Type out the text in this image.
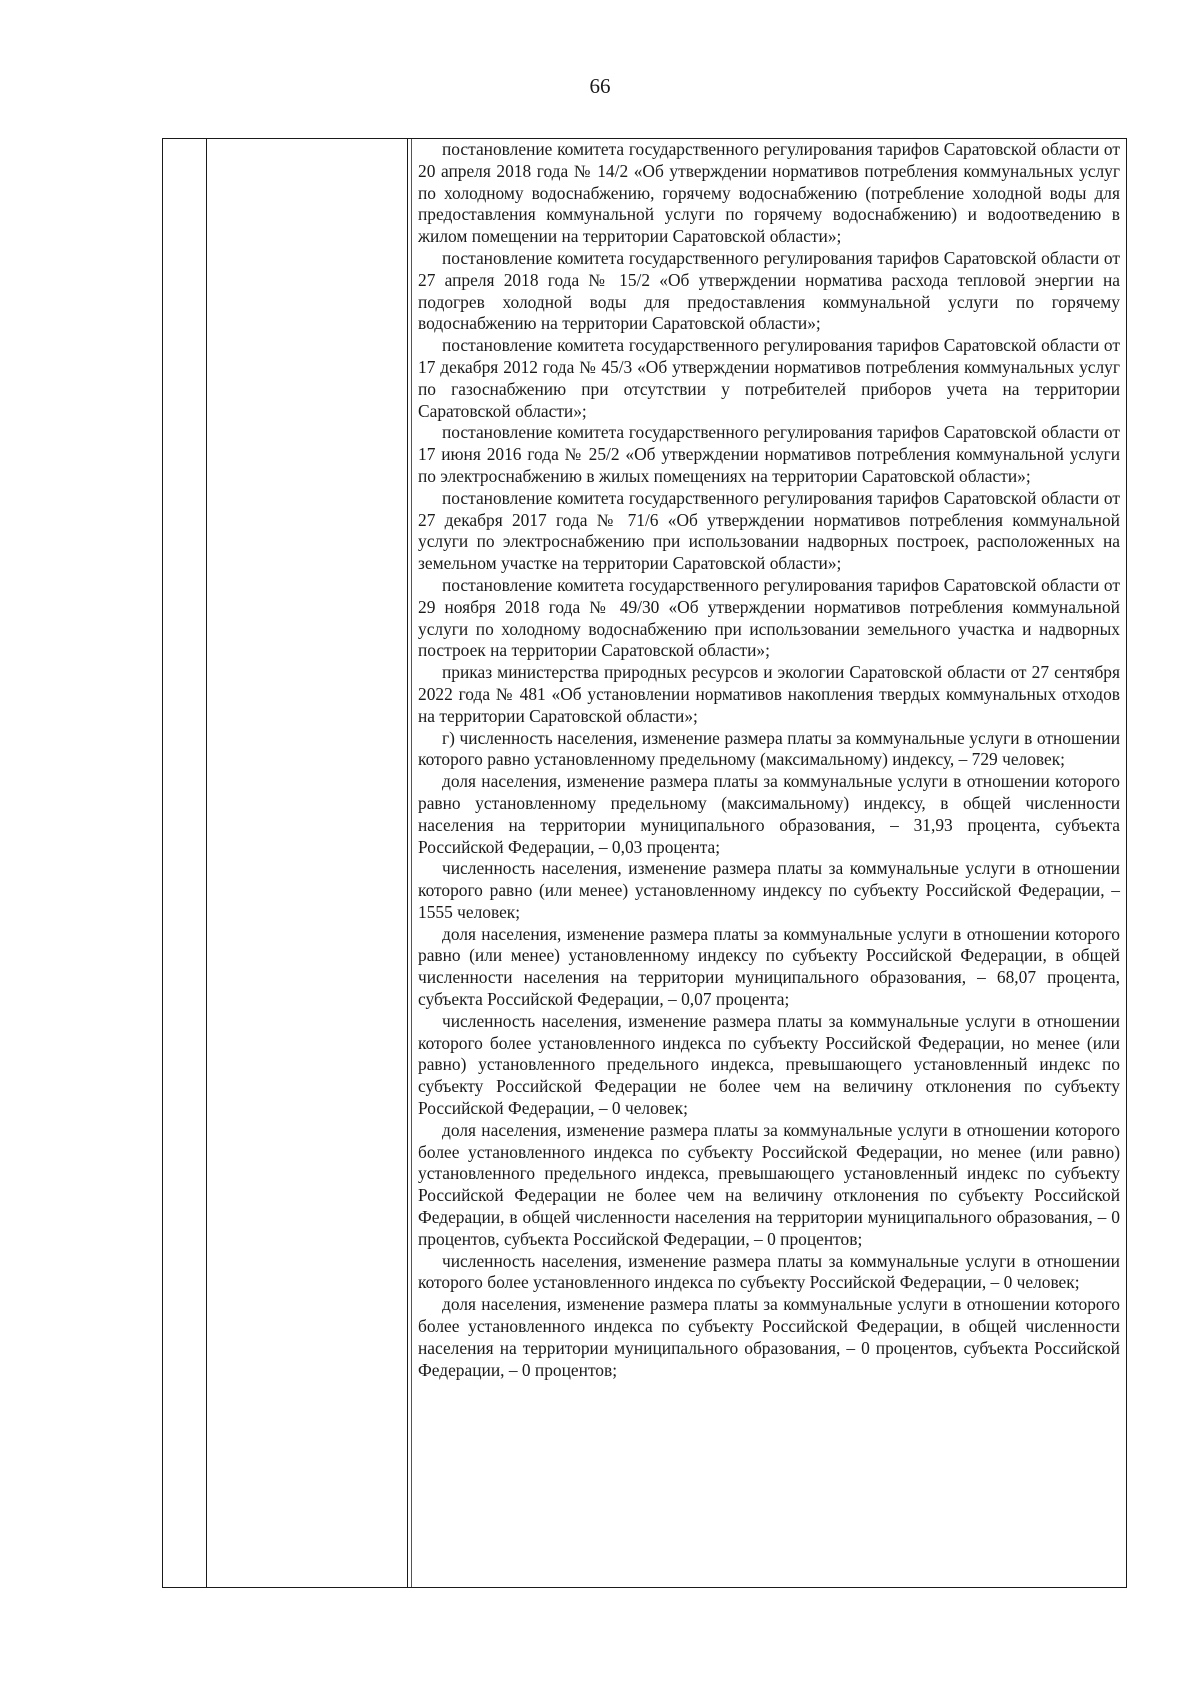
66

постановление комитета государственного регулирования тарифов Саратовской области от 20 апреля 2018 года № 14/2 «Об утверждении нормативов потребления коммунальных услуг по холодному водоснабжению, горячему водоснабжению (потребление холодной воды для предоставления коммунальной услуги по горячему водоснабжению) и водоотведению в жилом помещении на территории Саратовской области»;

постановление комитета государственного регулирования тарифов Саратовской области от 27 апреля 2018 года № 15/2 «Об утверждении норматива расхода тепловой энергии на подогрев холодной воды для предоставления коммунальной услуги по горячему водоснабжению на территории Саратовской области»;

постановление комитета государственного регулирования тарифов Саратовской области от 17 декабря 2012 года № 45/3 «Об утверждении нормативов потребления коммунальных услуг по газоснабжению при отсутствии у потребителей приборов учета на территории Саратовской области»;

постановление комитета государственного регулирования тарифов Саратовской области от 17 июня 2016 года № 25/2 «Об утверждении нормативов потребления коммунальной услуги по электроснабжению в жилых помещениях на территории Саратовской области»;

постановление комитета государственного регулирования тарифов Саратовской области от 27 декабря 2017 года № 71/6 «Об утверждении нормативов потребления коммунальной услуги по электроснабжению при использовании надворных построек, расположенных на земельном участке на территории Саратовской области»;

постановление комитета государственного регулирования тарифов Саратовской области от 29 ноября 2018 года № 49/30 «Об утверждении нормативов потребления коммунальной услуги по холодному водоснабжению при использовании земельного участка и надворных построек на территории Саратовской области»;

приказ министерства природных ресурсов и экологии Саратовской области от 27 сентября 2022 года № 481 «Об установлении нормативов накопления твердых коммунальных отходов на территории Саратовской области»;

г) численность населения, изменение размера платы за коммунальные услуги в отношении которого равно установленному предельному (максимальному) индексу, – 729 человек;

доля населения, изменение размера платы за коммунальные услуги в отношении которого равно установленному предельному (максимальному) индексу, в общей численности населения на территории муниципального образования, – 31,93 процента, субъекта Российской Федерации, – 0,03 процента;

численность населения, изменение размера платы за коммунальные услуги в отношении которого равно (или менее) установленному индексу по субъекту Российской Федерации, – 1555 человек;

доля населения, изменение размера платы за коммунальные услуги в отношении которого равно (или менее) установленному индексу по субъекту Российской Федерации, в общей численности населения на территории муниципального образования, – 68,07 процента, субъекта Российской Федерации, – 0,07 процента;

численность населения, изменение размера платы за коммунальные услуги в отношении которого более установленного индекса по субъекту Российской Федерации, но менее (или равно) установленного предельного индекса, превышающего установленный индекс по субъекту Российской Федерации не более чем на величину отклонения по субъекту Российской Федерации, – 0 человек;

доля населения, изменение размера платы за коммунальные услуги в отношении которого более установленного индекса по субъекту Российской Федерации, но менее (или равно) установленного предельного индекса, превышающего установленный индекс по субъекту Российской Федерации не более чем на величину отклонения по субъекту Российской Федерации, в общей численности населения на территории муниципального образования, – 0 процентов, субъекта Российской Федерации, – 0 процентов;

численность населения, изменение размера платы за коммунальные услуги в отношении которого более установленного индекса по субъекту Российской Федерации, – 0 человек;

доля населения, изменение размера платы за коммунальные услуги в отношении которого более установленного индекса по субъекту Российской Федерации, в общей численности населения на территории муниципального образования, – 0 процентов, субъекта Российской Федерации, – 0 процентов;
